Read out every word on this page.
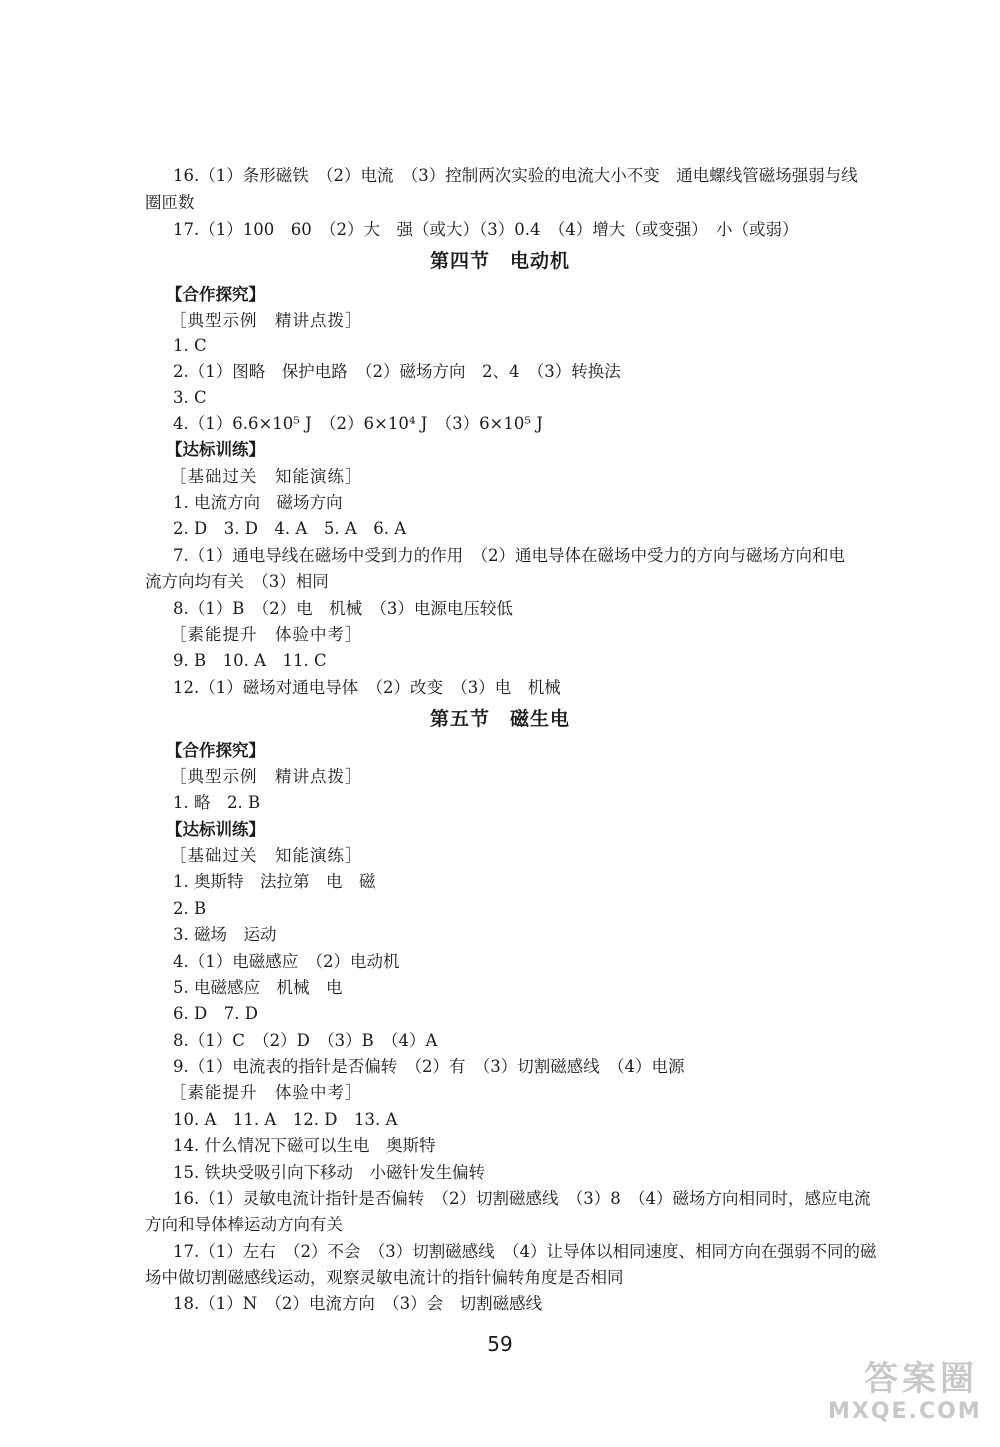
16.（1）条形磁铁　（2）电流　（3）控制两次实验的电流大小不变　通电螺线管磁场强弱与线
圈匝数
17.（1）100　60　（2）大　强（或大）（3）0.4　（4）增大（或变强）　小（或弱）
第四节　电动机
【合作探究】
［典型示例　精讲点拨］
1. C
2.（1）图略　保护电路　（2）磁场方向　2、4　（3）转换法
3. C
4.（1）6.6×10⁵ J　（2）6×10⁴ J　（3）6×10⁵ J
【达标训练】
［基础过关　知能演练］
1. 电流方向　磁场方向
2. D　3. D　4. A　5. A　6. A
7.（1）通电导线在磁场中受到力的作用　（2）通电导体在磁场中受力的方向与磁场方向和电
流方向均有关　（3）相同
8.（1）B　（2）电　机械　（3）电源电压较低
［素能提升　体验中考］
9. B　10. A　11. C
12.（1）磁场对通电导体　（2）改变　（3）电　机械
第五节　磁生电
【合作探究】
［典型示例　精讲点拨］
1. 略　2. B
【达标训练】
［基础过关　知能演练］
1. 奥斯特　法拉第　电　磁
2. B
3. 磁场　运动
4.（1）电磁感应　（2）电动机
5. 电磁感应　机械　电
6. D　7. D
8.（1）C　（2）D　（3）B　（4）A
9.（1）电流表的指针是否偏转　（2）有　（3）切割磁感线　（4）电源
［素能提升　体验中考］
10. A　11. A　12. D　13. A
14. 什么情况下磁可以生电　奥斯特
15. 铁块受吸引向下移动　小磁针发生偏转
16.（1）灵敏电流计指针是否偏转　（2）切割磁感线　（3）8　（4）磁场方向相同时，感应电流
方向和导体棒运动方向有关
17.（1）左右　（2）不会　（3）切割磁感线　（4）让导体以相同速度、相同方向在强弱不同的磁
场中做切割磁感线运动，观察灵敏电流计的指针偏转角度是否相同
18.（1）N　（2）电流方向　（3）会　切割磁感线
59
答案圈
MXQE.COM
